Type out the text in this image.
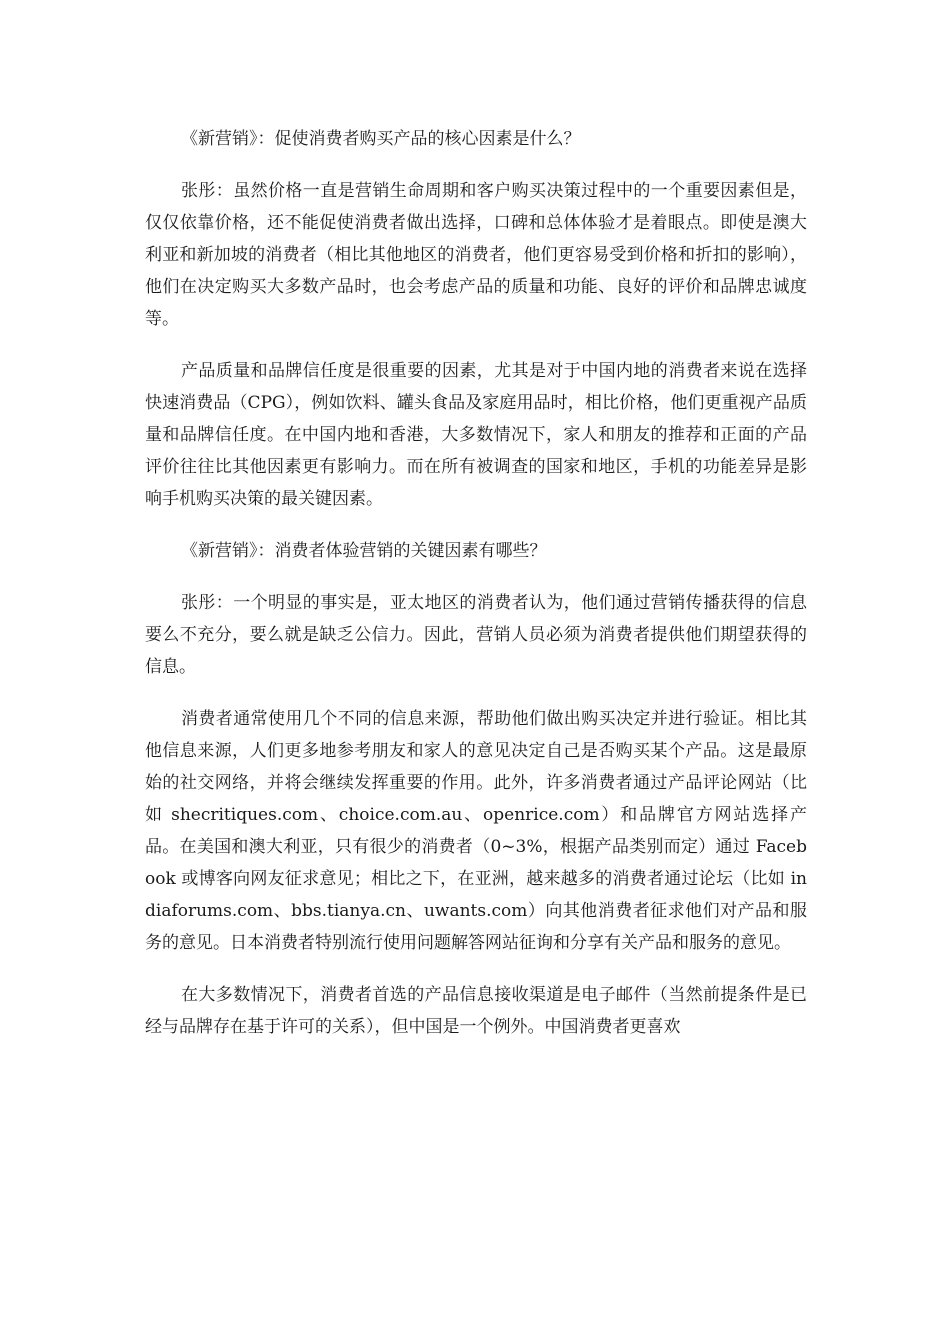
《新营销》：促使消费者购买产品的核心因素是什么？

张彤：虽然价格一直是营销生命周期和客户购买决策过程中的一个重要因素但是，仅仅依靠价格，还不能促使消费者做出选择，口碑和总体体验才是着眼点。即使是澳大利亚和新加坡的消费者（相比其他地区的消费者，他们更容易受到价格和折扣的影响），他们在决定购买大多数产品时，也会考虑产品的质量和功能、良好的评价和品牌忠诚度等。

产品质量和品牌信任度是很重要的因素，尤其是对于中国内地的消费者来说在选择快速消费品（CPG），例如饮料、罐头食品及家庭用品时，相比价格，他们更重视产品质量和品牌信任度。在中国内地和香港，大多数情况下，家人和朋友的推荐和正面的产品评价往往比其他因素更有影响力。而在所有被调查的国家和地区，手机的功能差异是影响手机购买决策的最关键因素。

《新营销》：消费者体验营销的关键因素有哪些？

张彤：一个明显的事实是，亚太地区的消费者认为，他们通过营销传播获得的信息要么不充分，要么就是缺乏公信力。因此，营销人员必须为消费者提供他们期望获得的信息。

消费者通常使用几个不同的信息来源，帮助他们做出购买决定并进行验证。相比其他信息来源，人们更多地参考朋友和家人的意见决定自己是否购买某个产品。这是最原始的社交网络，并将会继续发挥重要的作用。此外，许多消费者通过产品评论网站（比如 shecritiques.com、choice.com.au、openrice.com）和品牌官方网站选择产品。在美国和澳大利亚，只有很少的消费者（0~3%，根据产品类别而定）通过 Facebook 或博客向网友征求意见；相比之下，在亚洲，越来越多的消费者通过论坛（比如 indiaforums.com、bbs.tianya.cn、uwants.com）向其他消费者征求他们对产品和服务的意见。日本消费者特别流行使用问题解答网站征询和分享有关产品和服务的意见。

在大多数情况下，消费者首选的产品信息接收渠道是电子邮件（当然前提条件是已经与品牌存在基于许可的关系），但中国是一个例外。中国消费者更喜欢
